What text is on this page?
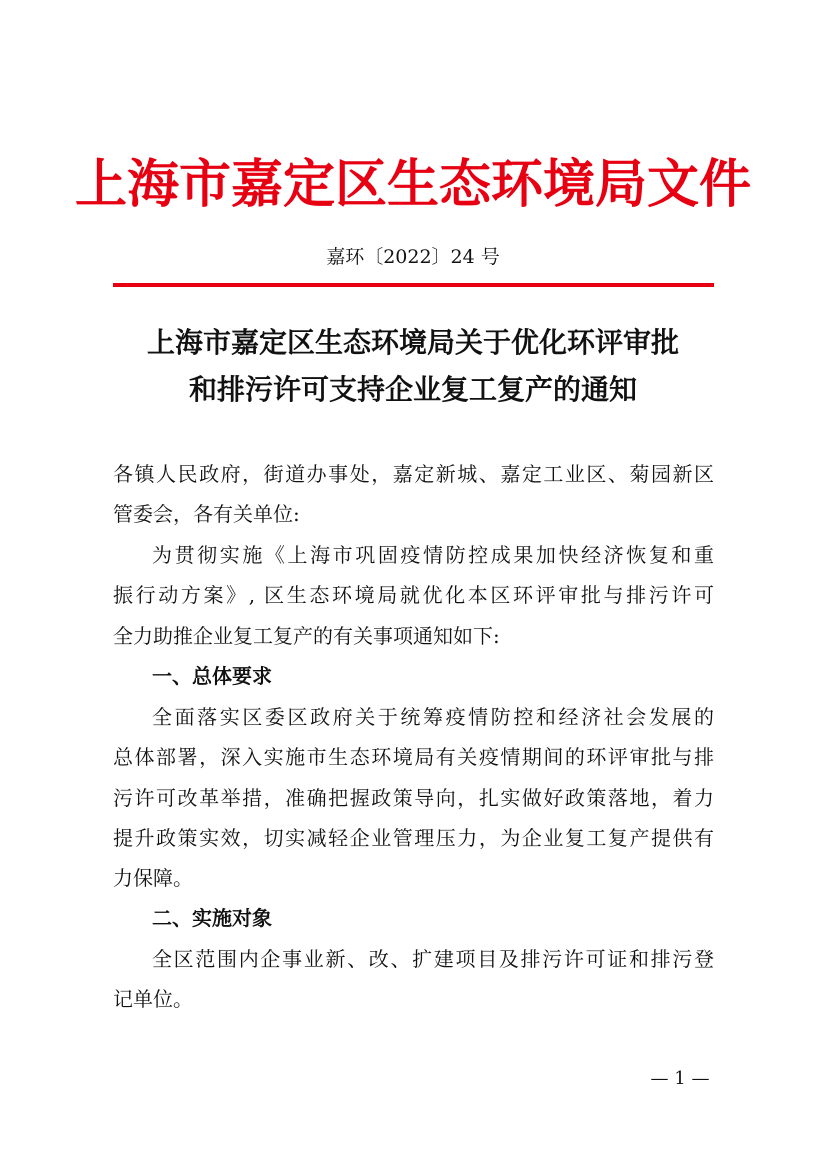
上海市嘉定区生态环境局文件
嘉环〔2022〕24 号
上海市嘉定区生态环境局关于优化环评审批
和排污许可支持企业复工复产的通知
各镇人民政府，街道办事处，嘉定新城、嘉定工业区、菊园新区
管委会，各有关单位:
为贯彻实施《上海市巩固疫情防控成果加快经济恢复和重
振行动方案》, 区生态环境局就优化本区环评审批与排污许可
全力助推企业复工复产的有关事项通知如下:
一、总体要求
全面落实区委区政府关于统筹疫情防控和经济社会发展的
总体部署，深入实施市生态环境局有关疫情期间的环评审批与排
污许可改革举措，准确把握政策导向，扎实做好政策落地，着力
提升政策实效，切实减轻企业管理压力，为企业复工复产提供有
力保障。
二、实施对象
全区范围内企事业新、改、扩建项目及排污许可证和排污登
记单位。
— 1 —
